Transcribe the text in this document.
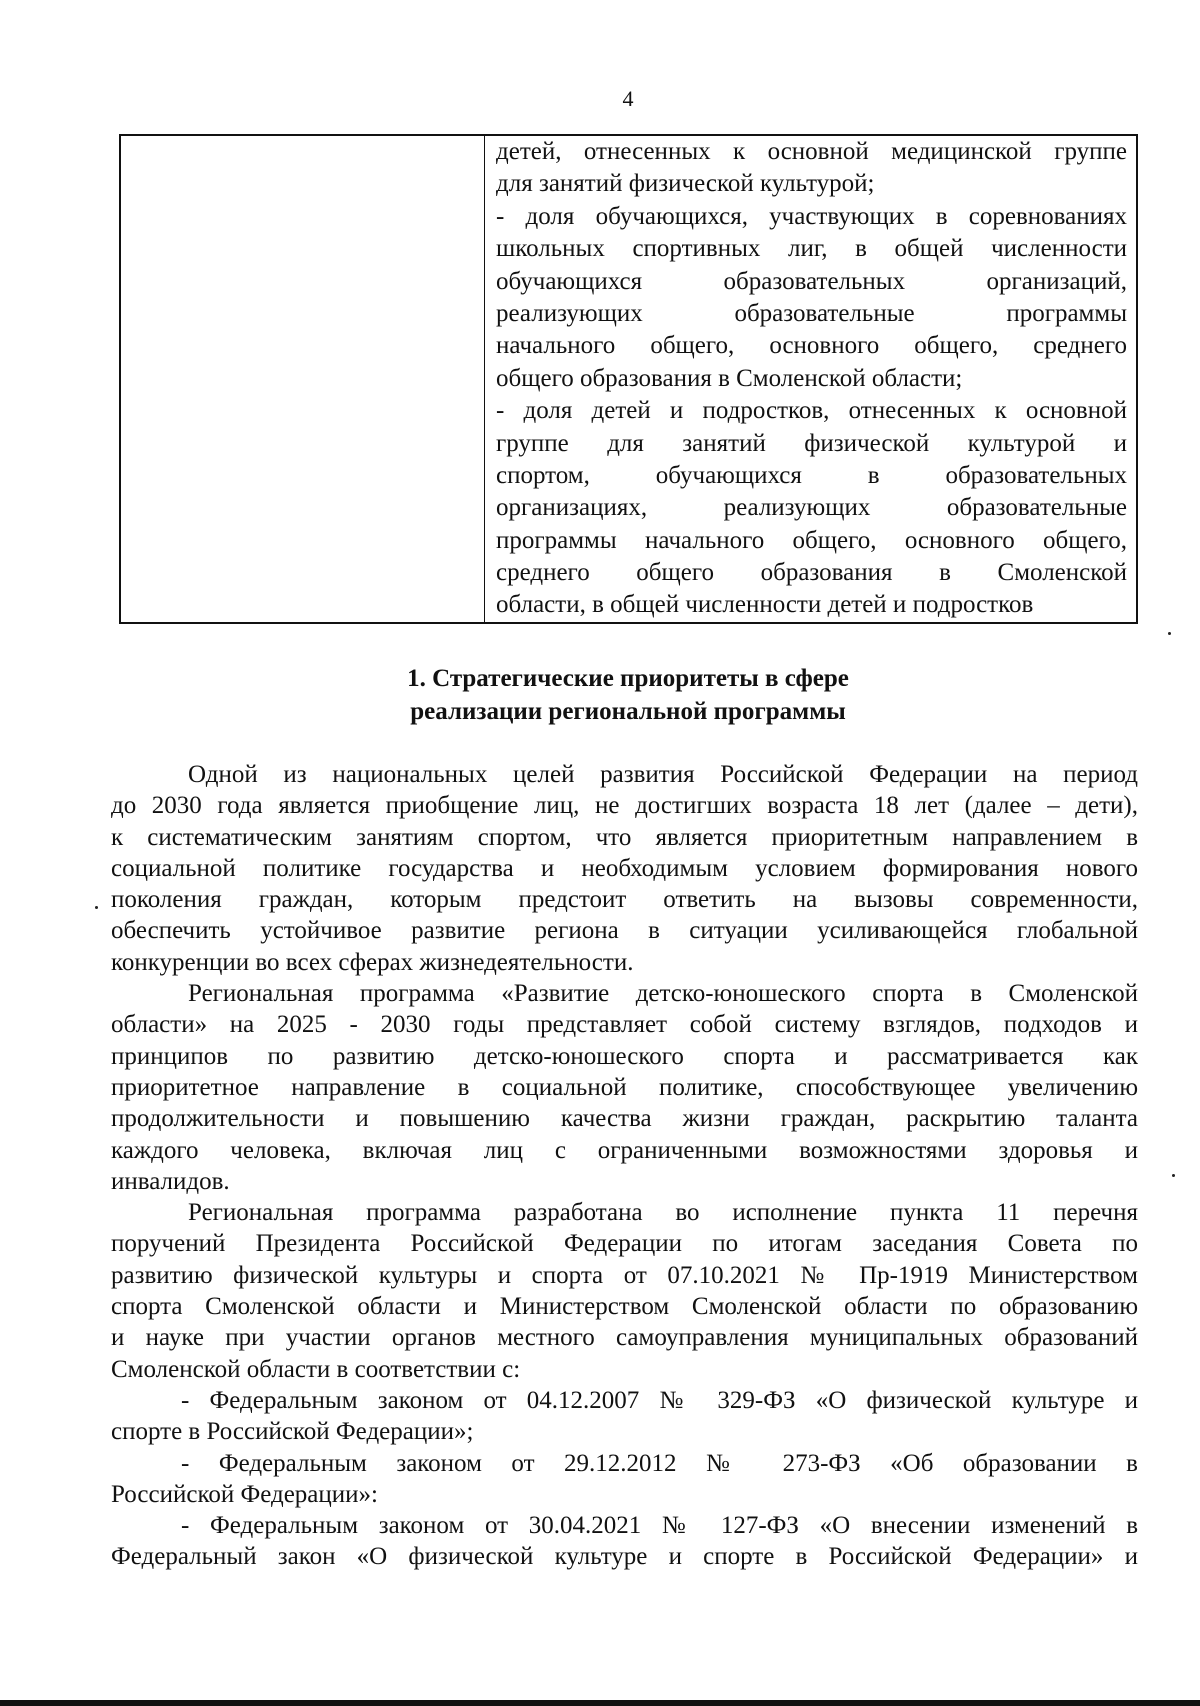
4
детей, отнесенных к основной медицинской группе
для занятий физической культурой;
- доля обучающихся, участвующих в соревнованиях
школьных спортивных лиг, в общей численности
обучающихся образовательных организаций,
реализующих образовательные программы
начального общего, основного общего, среднего
общего образования в Смоленской области;
- доля детей и подростков, отнесенных к основной
группе для занятий физической культурой и
спортом, обучающихся в образовательных
организациях, реализующих образовательные
программы начального общего, основного общего,
среднего общего образования в Смоленской
области, в общей численности детей и подростков
1. Стратегические приоритеты в сфере
реализации региональной программы
Одной из национальных целей развития Российской Федерации на период
до 2030 года является приобщение лиц, не достигших возраста 18 лет (далее – дети),
к систематическим занятиям спортом, что является приоритетным направлением в
социальной политике государства и необходимым условием формирования нового
поколения граждан, которым предстоит ответить на вызовы современности,
обеспечить устойчивое развитие региона в ситуации усиливающейся глобальной
конкуренции во всех сферах жизнедеятельности.
Региональная программа «Развитие детско-юношеского спорта в Смоленской
области» на 2025 - 2030 годы представляет собой систему взглядов, подходов и
принципов по развитию детско-юношеского спорта и рассматривается как
приоритетное направление в социальной политике, способствующее увеличению
продолжительности и повышению качества жизни граждан, раскрытию таланта
каждого человека, включая лиц с ограниченными возможностями здоровья и
инвалидов.
Региональная программа разработана во исполнение пункта 11 перечня
поручений Президента Российской Федерации по итогам заседания Совета по
развитию физической культуры и спорта от 07.10.2021 № Пр-1919 Министерством
спорта Смоленской области и Министерством Смоленской области по образованию
и науке при участии органов местного самоуправления муниципальных образований
Смоленской области в соответствии с:
- Федеральным законом от 04.12.2007 № 329-ФЗ «О физической культуре и
спорте в Российской Федерации»;
- Федеральным законом от 29.12.2012 № 273-ФЗ «Об образовании в
Российской Федерации»:
- Федеральным законом от 30.04.2021 № 127-ФЗ «О внесении изменений в
Федеральный закон «О физической культуре и спорте в Российской Федерации» и
